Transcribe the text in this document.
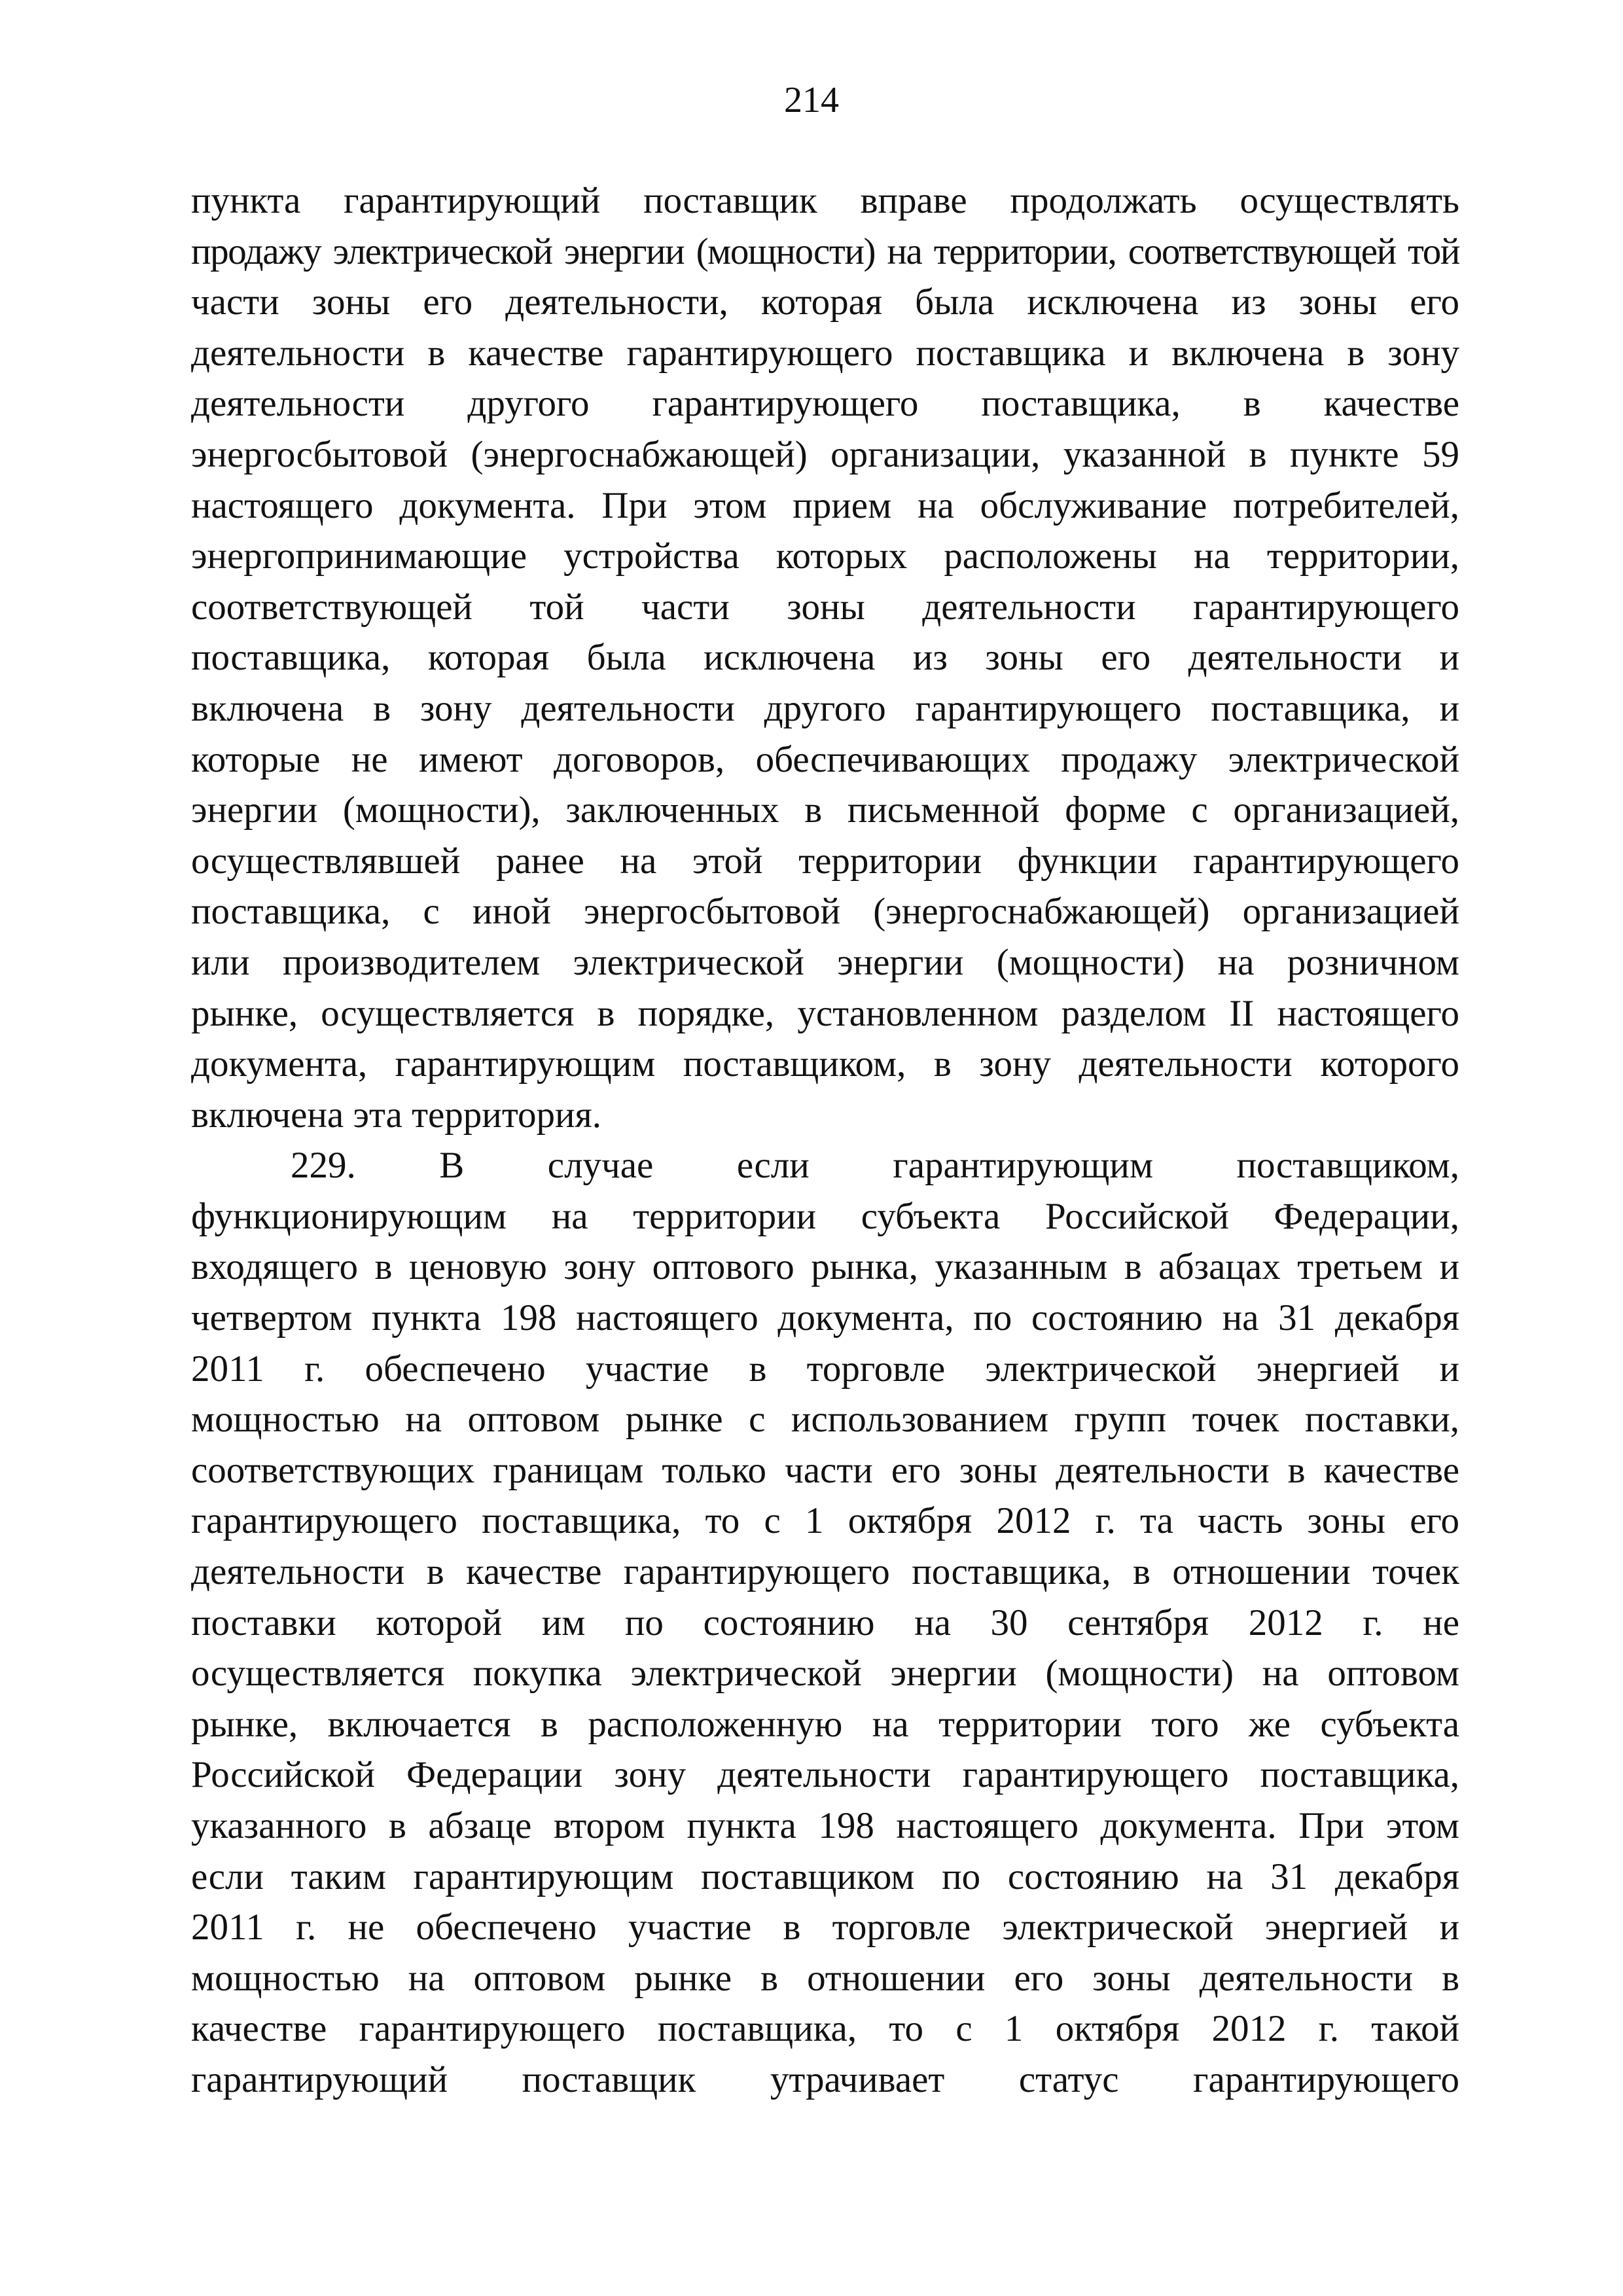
214
пункта гарантирующий поставщик вправе продолжать осуществлять
продажу электрической энергии (мощности) на территории, соответствующей той
части зоны его деятельности, которая была исключена из зоны его
деятельности в качестве гарантирующего поставщика и включена в зону
деятельности другого гарантирующего поставщика, в качестве
энергосбытовой (энергоснабжающей) организации, указанной в пункте 59
настоящего документа. При этом прием на обслуживание потребителей,
энергопринимающие устройства которых расположены на территории,
соответствующей той части зоны деятельности гарантирующего
поставщика, которая была исключена из зоны его деятельности и
включена в зону деятельности другого гарантирующего поставщика, и
которые не имеют договоров, обеспечивающих продажу электрической
энергии (мощности), заключенных в письменной форме с организацией,
осуществлявшей ранее на этой территории функции гарантирующего
поставщика, с иной энергосбытовой (энергоснабжающей) организацией
или производителем электрической энергии (мощности) на розничном
рынке, осуществляется в порядке, установленном разделом II настоящего
документа, гарантирующим поставщиком, в зону деятельности которого
включена эта территория.
229. В случае если гарантирующим поставщиком,
функционирующим на территории субъекта Российской Федерации,
входящего в ценовую зону оптового рынка, указанным в абзацах третьем и
четвертом пункта 198 настоящего документа, по состоянию на 31 декабря
2011 г. обеспечено участие в торговле электрической энергией и
мощностью на оптовом рынке с использованием групп точек поставки,
соответствующих границам только части его зоны деятельности в качестве
гарантирующего поставщика, то с 1 октября 2012 г. та часть зоны его
деятельности в качестве гарантирующего поставщика, в отношении точек
поставки которой им по состоянию на 30 сентября 2012 г. не
осуществляется покупка электрической энергии (мощности) на оптовом
рынке, включается в расположенную на территории того же субъекта
Российской Федерации зону деятельности гарантирующего поставщика,
указанного в абзаце втором пункта 198 настоящего документа. При этом
если таким гарантирующим поставщиком по состоянию на 31 декабря
2011 г. не обеспечено участие в торговле электрической энергией и
мощностью на оптовом рынке в отношении его зоны деятельности в
качестве гарантирующего поставщика, то с 1 октября 2012 г. такой
гарантирующий поставщик утрачивает статус гарантирующего
